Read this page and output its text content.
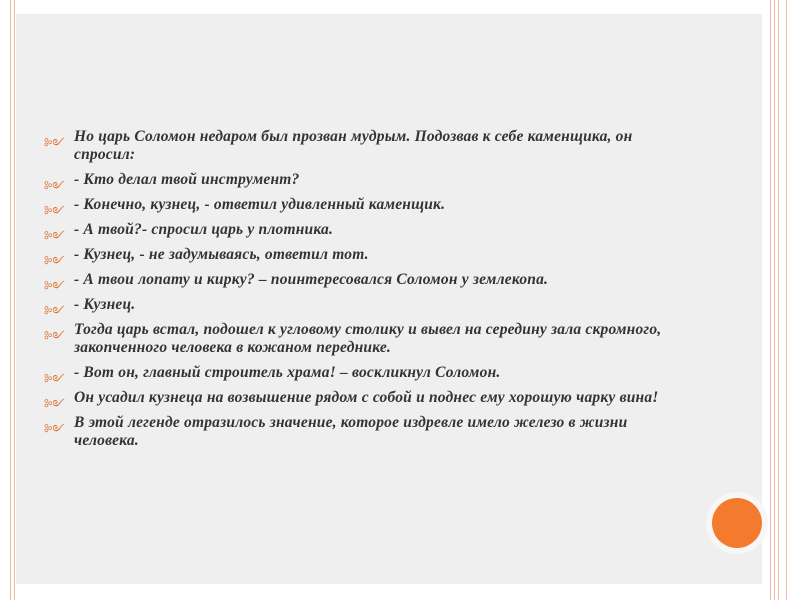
༻ Но царь Соломон недаром был прозван мудрым. Подозвав к себе каменщика, он спросил:
༻ - Кто делал твой инструмент?
༻ - Конечно, кузнец, - ответил удивленный каменщик.
༻ - А твой?- спросил царь у плотника.
༻ - Кузнец, - не задумываясь, ответил тот.
༻ - А твои лопату и кирку? – поинтересовался Соломон у землекопа.
༻ - Кузнец.
༻ Тогда царь встал, подошел к угловому столику и вывел на середину зала скромного, закопченного человека в кожаном переднике.
༻ - Вот он, главный строитель храма! – воскликнул Соломон.
༻ Он усадил кузнеца на возвышение рядом с собой и поднес ему хорошую чарку вина!
༻ В этой легенде отразилось значение, которое издревле имело железо в жизни человека.
